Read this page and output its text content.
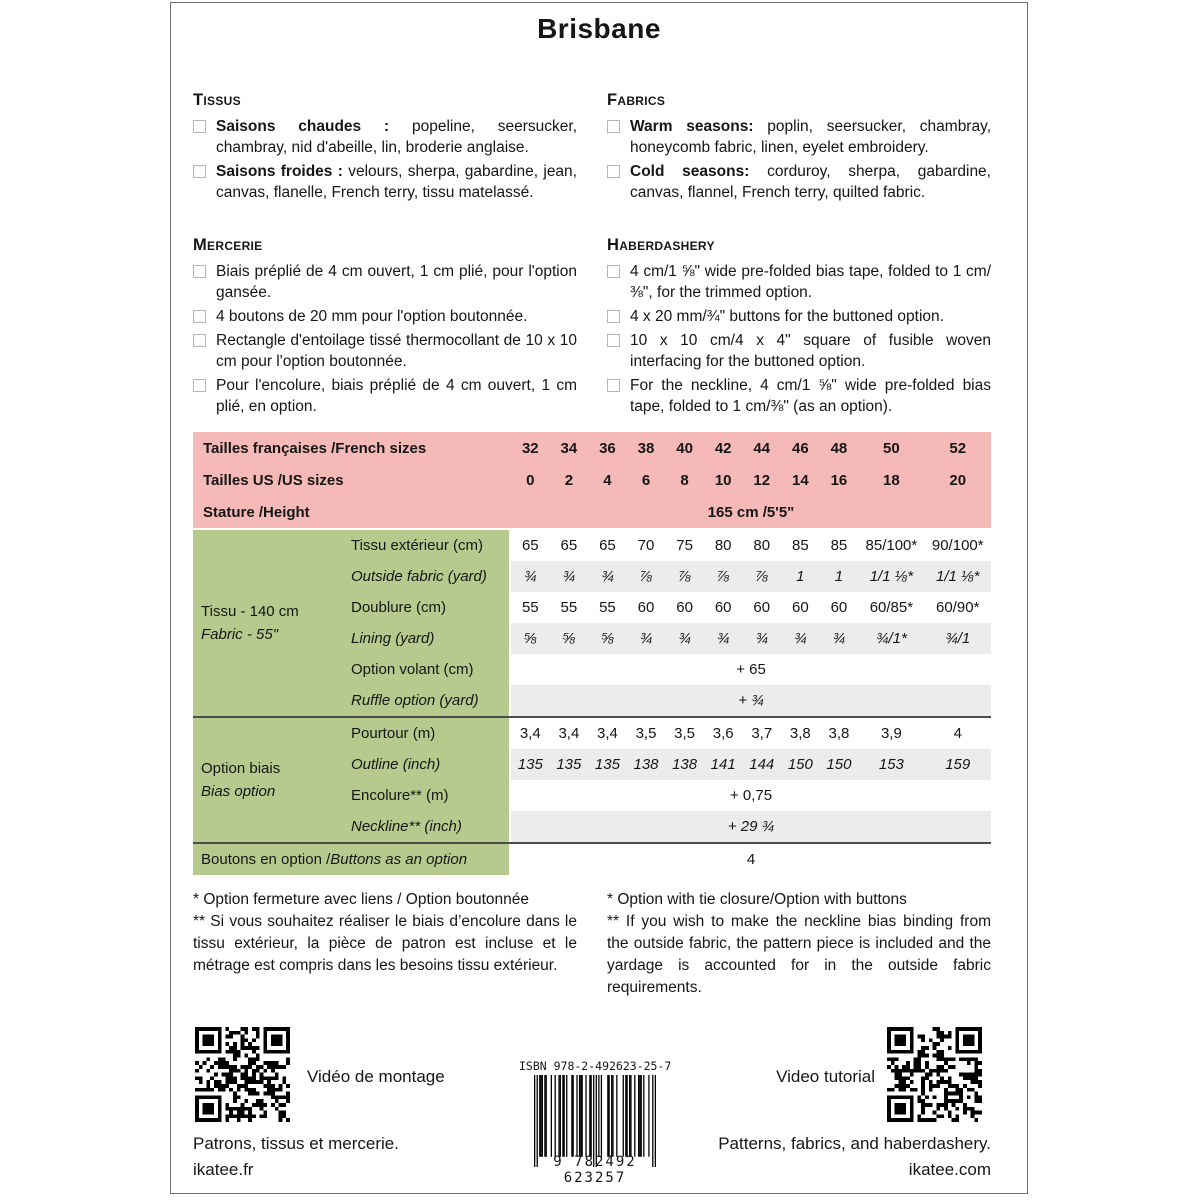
Brisbane
Tissus
Saisons chaudes : popeline, seersucker, chambray, nid d'abeille, lin, broderie anglaise.
Saisons froides : velours, sherpa, gabardine, jean, canvas, flanelle, French terry, tissu matelassé.
Fabrics
Warm seasons: poplin, seersucker, chambray, honeycomb fabric, linen, eyelet embroidery.
Cold seasons: corduroy, sherpa, gabardine, canvas, flannel, French terry, quilted fabric.
Mercerie
Biais préplié de 4 cm ouvert, 1 cm plié, pour l'option gansée.
4 boutons de 20 mm pour l'option boutonnée.
Rectangle d'entoilage tissé thermocollant de 10 x 10 cm pour l'option boutonnée.
Pour l'encolure, biais préplié de 4 cm ouvert, 1 cm plié, en option.
Haberdashery
4 cm/1 ⅝" wide pre-folded bias tape, folded to 1 cm/⅜", for the trimmed option.
4 x 20 mm/¾" buttons for the buttoned option.
10 x 10 cm/4 x 4" square of fusible woven interfacing for the buttoned option.
For the neckline, 4 cm/1 ⅝" wide pre-folded bias tape, folded to 1 cm/⅜" (as an option).
Tailles françaises /French sizes	32	34	36	38	40	42	44	46	48	50	52
Tailles US /US sizes	0	2	4	6	8	10	12	14	16	18	20
Stature /Height	165 cm /5'5"
Tissu - 140 cm
Fabric - 55"
Tissu extérieur (cm)	65	65	65	70	75	80	80	85	85	85/100* 90/100*
Outside fabric (yard)	¾	¾	¾	⅞	⅞	⅞	⅞	1	1	1/1 ⅛*	1/1 ⅛*
Doublure (cm)	55	55	55	60	60	60	60	60	60	60/85*	60/90*
Lining (yard)	⅝	⅝	⅝	¾	¾	¾	¾	¾	¾	¾/1*	¾/1
Option volant (cm)	+ 65
Ruffle option (yard)	+ ¾
Option biais
Bias option
Pourtour (m)	3,4	3,4	3,4	3,5	3,5	3,6	3,7	3,8	3,8	3,9	4
Outline (inch)	135 135 135 138 138 141 144 150 150	153	159
Encolure** (m)	+ 0,75
Neckline** (inch)	+ 29 ¾
Boutons en option / Buttons as an option	4
* Option fermeture avec liens / Option boutonnée
** Si vous souhaitez réaliser le biais d’encolure dans le tissu extérieur, la pièce de patron est incluse et le métrage est compris dans les besoins tissu extérieur.
* Option with tie closure/Option with buttons
** If you wish to make the neckline bias binding from the outside fabric, the pattern piece is included and the yardage is accounted for in the outside fabric requirements.
Vidéo de montage
ISBN 978-2-492623-25-7
9 782492 623257
Video tutorial
Patrons, tissus et mercerie.
ikatee.fr
Patterns, fabrics, and haberdashery.
ikatee.com
